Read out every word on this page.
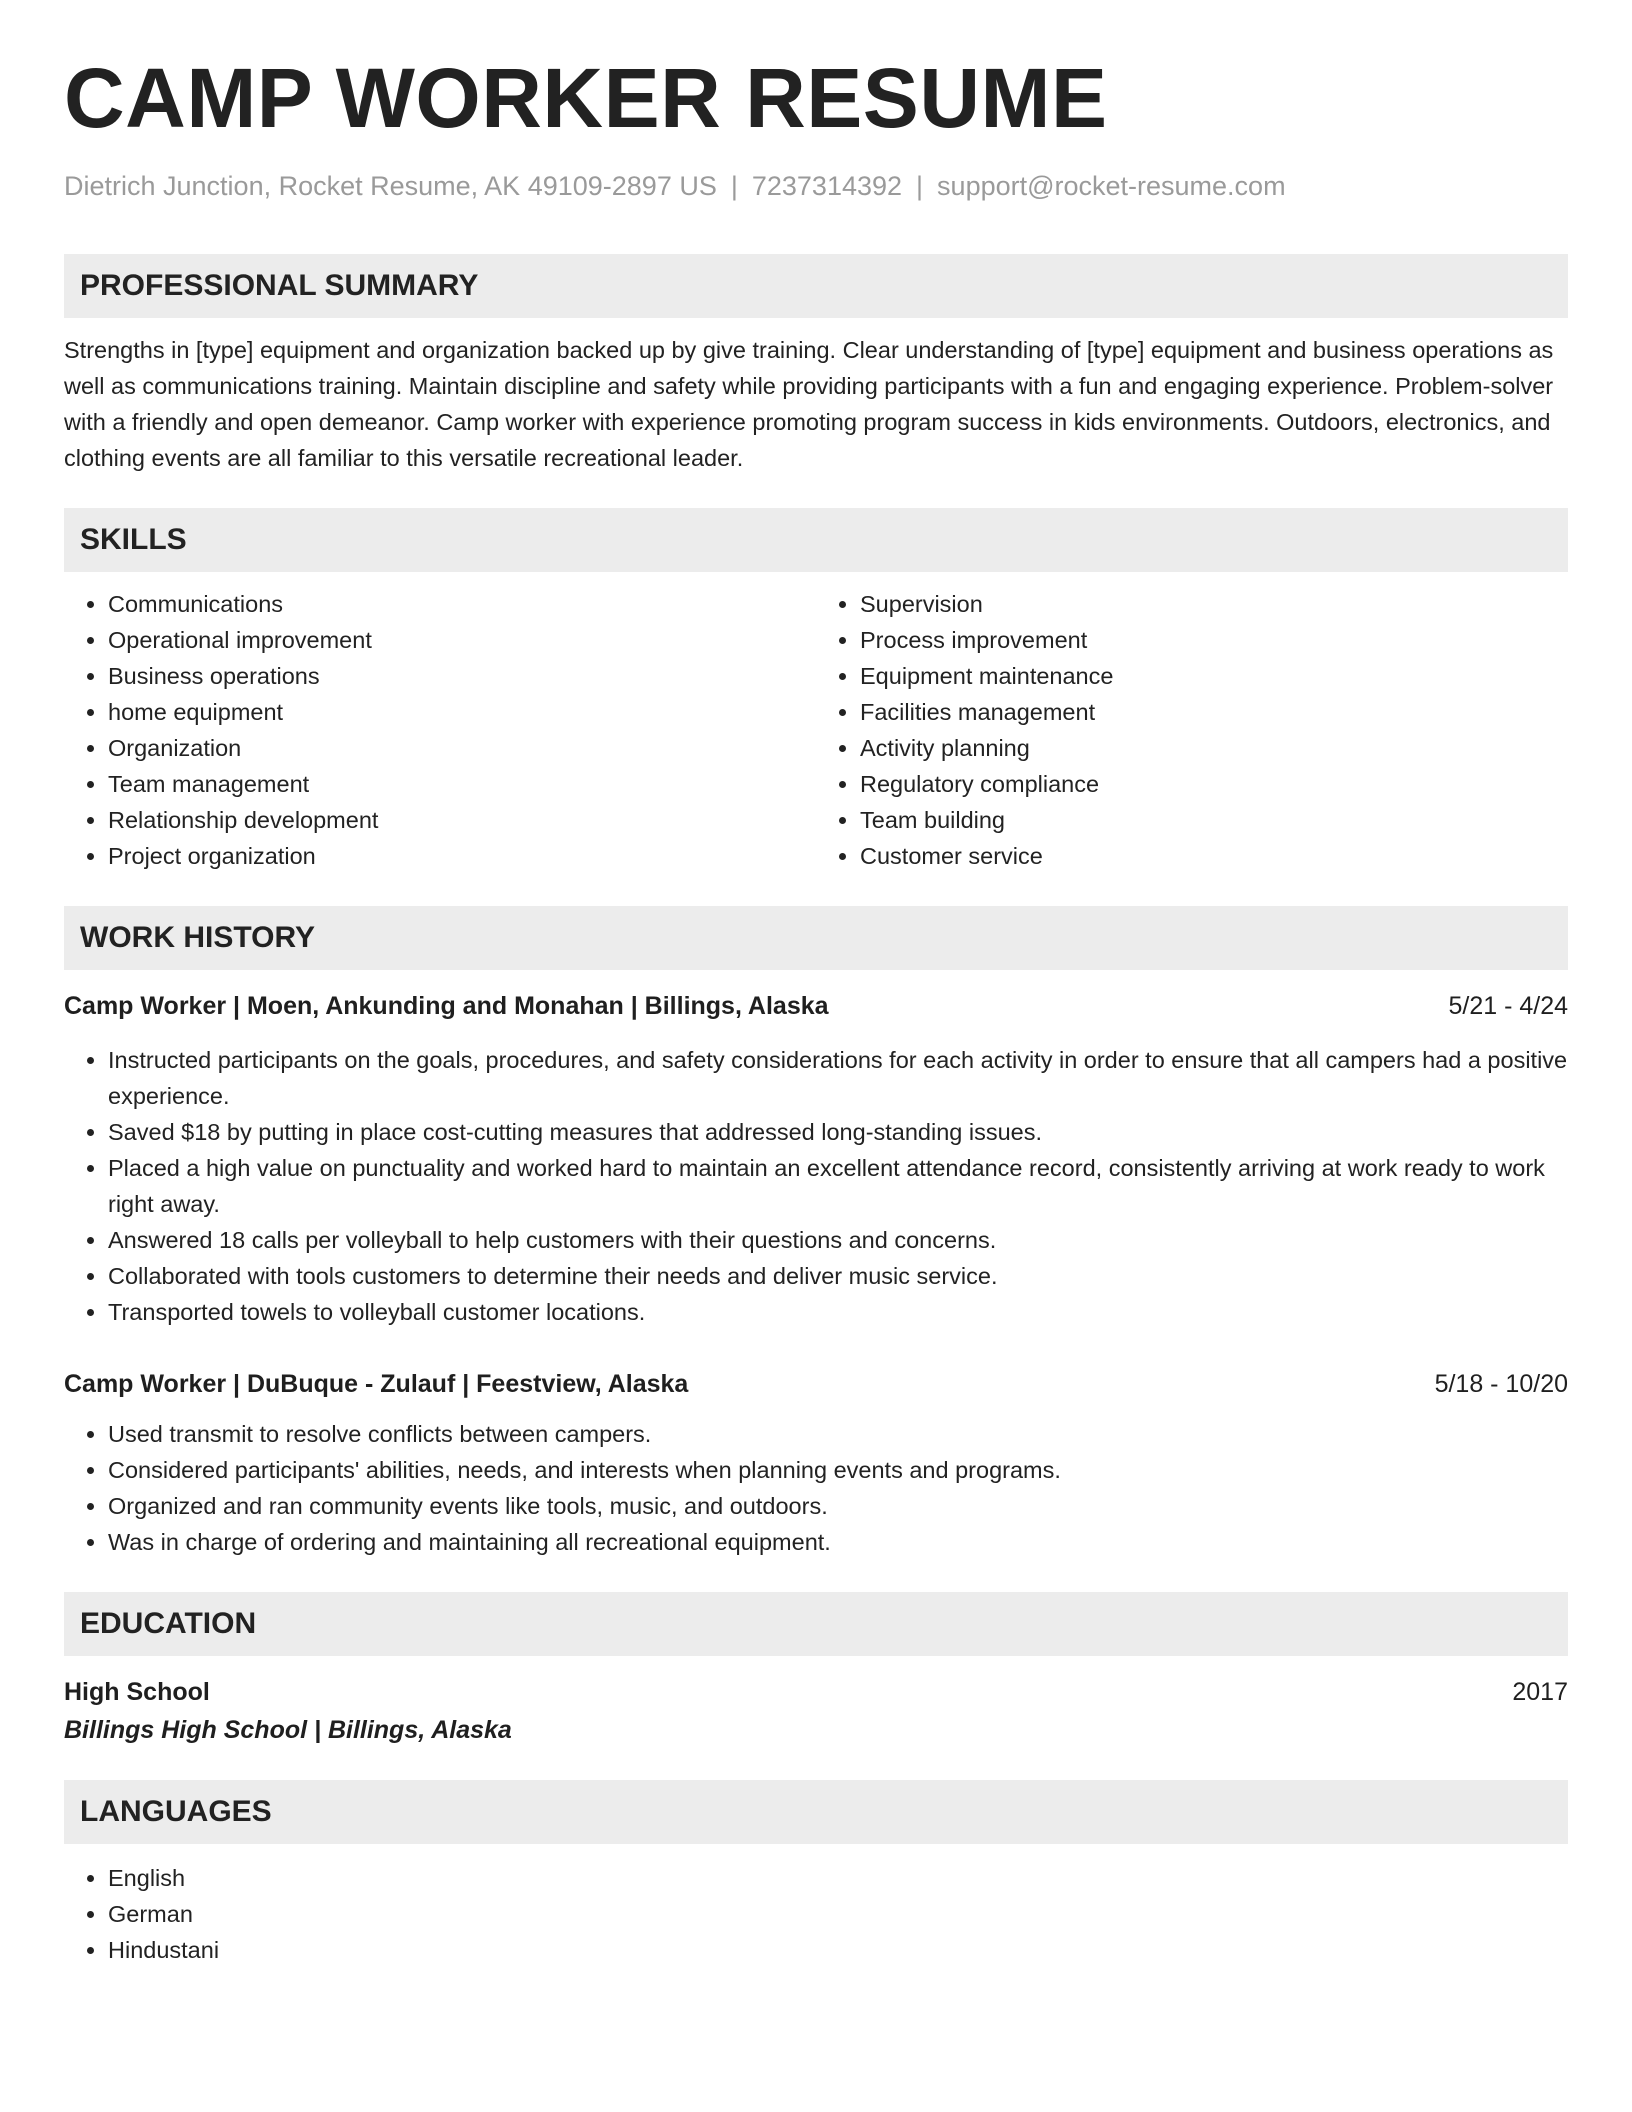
CAMP WORKER RESUME
Dietrich Junction, Rocket Resume, AK 49109-2897 US | 7237314392 | support@rocket-resume.com
PROFESSIONAL SUMMARY

Strengths in [type] equipment and organization backed up by give training. Clear understanding of [type] equipment and business operations as well as communications training. Maintain discipline and safety while providing participants with a fun and engaging experience. Problem-solver with a friendly and open demeanor. Camp worker with experience promoting program success in kids environments. Outdoors, electronics, and clothing events are all familiar to this versatile recreational leader.

SKILLS
• Communications
• Operational improvement
• Business operations
• home equipment
• Organization
• Team management
• Relationship development
• Project organization
• Supervision
• Process improvement
• Equipment maintenance
• Facilities management
• Activity planning
• Regulatory compliance
• Team building
• Customer service
WORK HISTORY
Camp Worker | Moen, Ankunding and Monahan | Billings, Alaska	5/21 - 4/24
• Instructed participants on the goals, procedures, and safety considerations for each activity in order to ensure that all campers had a positive experience.
• Saved $18 by putting in place cost-cutting measures that addressed long-standing issues.
• Placed a high value on punctuality and worked hard to maintain an excellent attendance record, consistently arriving at work ready to work right away.
• Answered 18 calls per volleyball to help customers with their questions and concerns.
• Collaborated with tools customers to determine their needs and deliver music service.
• Transported towels to volleyball customer locations.
Camp Worker | DuBuque - Zulauf | Feestview, Alaska	5/18 - 10/20
• Used transmit to resolve conflicts between campers.
• Considered participants' abilities, needs, and interests when planning events and programs.
• Organized and ran community events like tools, music, and outdoors.
• Was in charge of ordering and maintaining all recreational equipment.
EDUCATION
High School	2017
Billings High School | Billings, Alaska
LANGUAGES
• English
• German
• Hindustani
